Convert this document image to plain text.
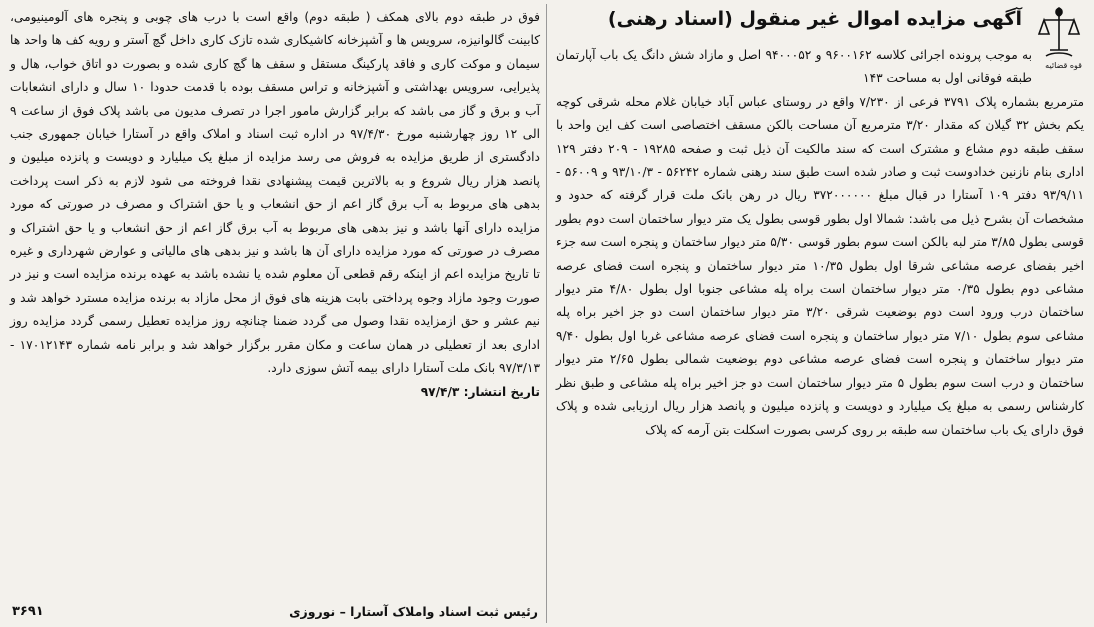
قوه قضائیه
آگهی مزایده اموال غیر منقول (اسناد رهنی)

به موجب پرونده اجرائی کلاسه ۹۶۰۰۱۶۲ و ۹۴۰۰۰۵۲ اصل و مازاد شش دانگ یک باب آپارتمان طبقه فوقانی اول به مساحت ۱۴۳

مترمربع بشماره پلاک ۳۷۹۱ فرعی از ۷/۲۳۰ واقع در روستای عباس آباد خیابان غلام محله شرقی کوچه یکم بخش ۳۲ گیلان که مقدار ۳/۲۰ مترمربع آن مساحت بالکن مسقف اختصاصی است کف این واحد با سقف طبقه دوم مشاع و مشترک است که سند مالکیت آن ذیل ثبت و صفحه ۱۹۲۸۵ - ۲۰۹ دفتر ۱۲۹ اداری بنام نازنین خداد‌وست ثبت و صادر شده است طبق سند رهنی شماره ۵۶۲۴۲ - ۹۳/۱۰/۳ و ۵۶۰۰۹ - ۹۳/۹/۱۱ دفتر ۱۰۹ آستارا در قبال مبلغ ۳۷۲۰۰۰۰۰۰ ریال در رهن بانک ملت قرار گرفته که حدود و مشخصات آن بشرح ذیل می باشد: شمالا اول بطور قوسی بطول یک متر دیوار ساختمان است دوم بطور قوسی بطول ۳/۸۵ متر لبه بالکن است سوم بطور قوسی ۵/۳۰ متر دیوار ساختمان و پنجره است سه جزء اخیر بفضای عرصه مشاعی شرقا اول بطول ۱۰/۳۵ متر دیوار ساختمان و پنجره است فضای عرصه مشاعی دوم بطول ۰/۳۵ متر دیوار ساختمان است براه پله مشاعی جنوبا اول بطول ۴/۸۰ متر دیوار ساختمان درب ورود است دوم بوضعیت شرقی ۳/۲۰ متر دیوار ساختمان است دو جز اخیر براه پله مشاعی سوم بطول ۷/۱۰ متر دیوار ساختمان و پنجره است فضای عرصه مشاعی غربا اول بطول ۹/۴۰ متر دیوار ساختمان و پنجره است فضای عرصه مشاعی دوم بوضعیت شمالی بطول ۲/۶۵ متر دیوار ساختمان و درب است سوم بطول ۵ متر دیوار ساختمان است دو جز اخیر براه پله مشاعی و طبق نظر کارشناس رسمی به مبلغ یک میلیارد و دویست و پانزده میلیون و پانصد هزار ریال ارزیابی شده و پلاک فوق دارای یک باب ساختمان سه طبقه بر روی کرسی بصورت اسکلت بتن آرمه که پلاک

فوق در طبقه دوم بالای همکف ( طبقه دوم) واقع است با درب های چوبی و پنجره های آلومینیومی، کابینت گالوانیزه، سرویس ها و آشپزخانه کاشیکاری شده تازک کاری داخل گچ آستر و رویه کف ها واحد ها سیمان و موکت کاری و فاقد پارکینگ مستقل و سقف ها گچ کاری شده و بصورت دو اتاق خواب، هال و پذیرایی، سرویس بهداشتی و آشپزخانه و تراس مسقف بوده با قدمت حدودا ۱۰ سال و دارای انشعابات آب و برق و گاز می باشد که برابر گزارش مامور اجرا در تصرف مدیون می باشد پلاک فوق از ساعت ۹ الی ۱۲ روز چهارشنبه مورخ ۹۷/۴/۳۰ در اداره ثبت اسناد و املاک واقع در آستارا خیابان جمهوری جنب دادگستری از طریق مزایده به فروش می رسد مزایده از مبلغ یک میلیارد و دویست و پانزده میلیون و پانصد هزار ریال شروع و به بالاترین قیمت پیشنهادی نقدا فروخته می شود لازم به ذکر است پرداخت بدهی های مربوط به آب برق گاز اعم از حق انشعاب و یا حق اشتراک و مصرف در صورتی که مورد مزایده دارای آنها باشد و نیز بدهی های مربوط به آب برق گاز اعم از حق انشعاب و یا حق اشتراک و مصرف در صورتی که مورد مزایده دارای آن ها باشد و نیز بدهی های مالیاتی و عوارض شهرداری و غیره تا تاریخ مزایده اعم از اینکه رقم قطعی آن معلوم شده یا نشده باشد به عهده برنده مزایده است و نیز در صورت وجود مازاد وجوه پرداختی بابت هزینه های فوق از محل مازاد به برنده مزایده مسترد خواهد شد و نیم عشر و حق ازمزایده نقدا وصول می گردد ضمنا چنانچه روز مزایده تعطیل رسمی گردد مزایده روز اداری بعد از تعطیلی در همان ساعت و مکان مقرر برگزار خواهد شد و برابر نامه شماره ۱۷۰۱۲۱۴۳ - ۹۷/۳/۱۳ بانک ملت آستارا دارای بیمه آتش سوزی دارد.

تاریخ انتشار: ۹۷/۴/۳
رئیس ثبت اسناد واملاک آستارا – نوروزی
۳۶۹۱
